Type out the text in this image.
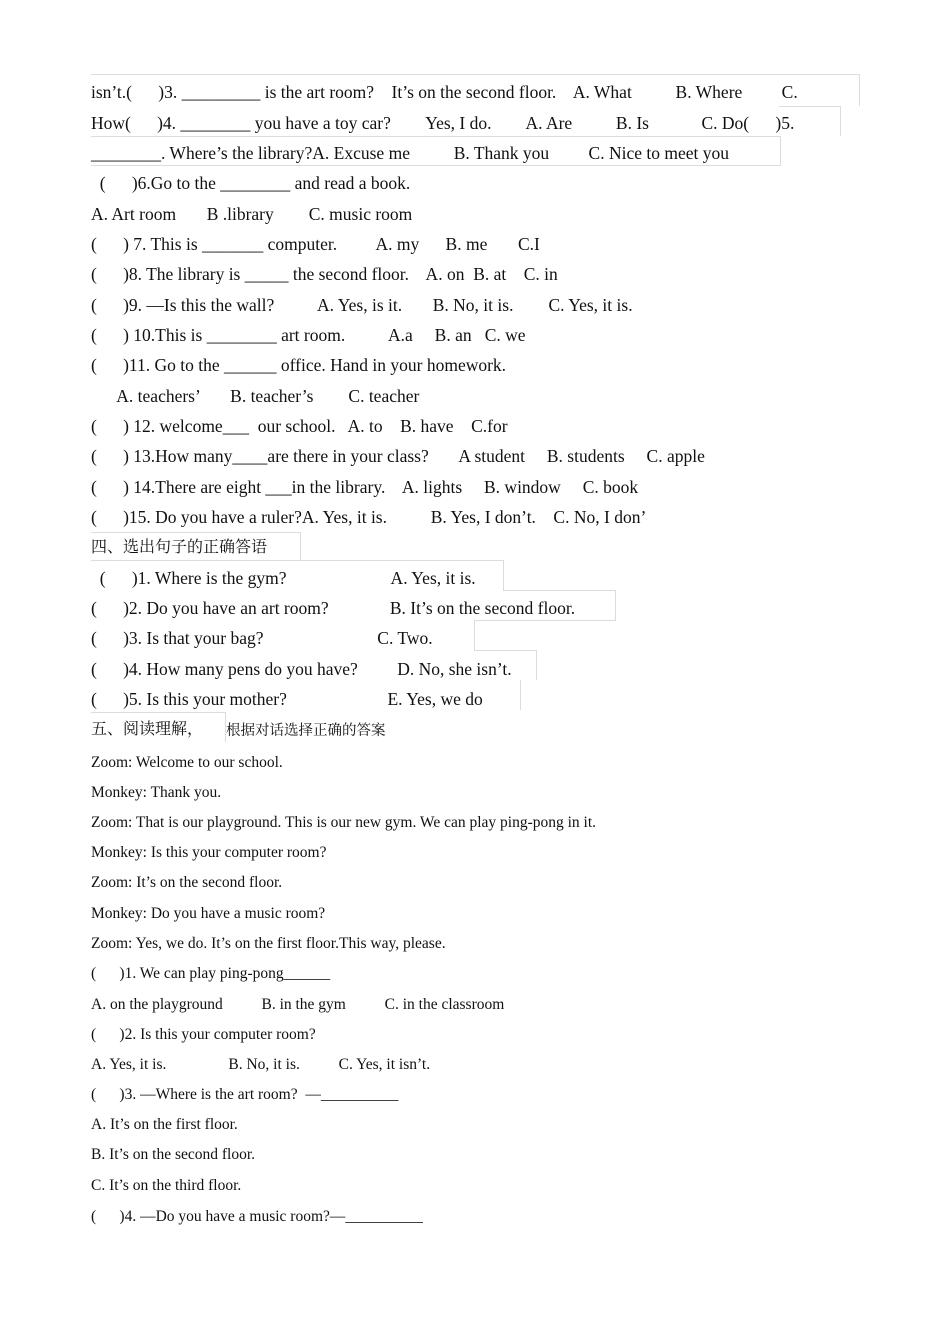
isn’t.(      )3. _________ is the art room?    It’s on the second floor.    A. What          B. Where         C.
How(      )4. ________ you have a toy car?        Yes, I do.        A. Are          B. Is            C. Do(      )5.
________. Where’s the library?A. Excuse me          B. Thank you         C. Nice to meet you
(      )6.Go to the ________ and read a book.
A. Art room       B .library        C. music room
(      ) 7. This is _______ computer.         A. my      B. me       C.I
(      )8. The library is _____ the second floor.    A. on  B. at    C. in
(      )9. —Is this the wall?          A. Yes, is it.       B. No, it is.        C. Yes, it is.
(      ) 10.This is ________ art room.          A.a     B. an   C. we
(      )11. Go to the ______ office. Hand in your homework.
A. teachers’       B. teacher’s        C. teacher
(      ) 12. welcome___  our school.   A. to    B. have    C.for
(      ) 13.How many____are there in your class?       A student     B. students     C. apple
(      ) 14.There are eight ___in the library.    A. lights     B. window     C. book
(      )15. Do you have a ruler?A. Yes, it is.          B. Yes, I don’t.    C. No, I don’
四、选出句子的正确答语
(      )1. Where is the gym?                        A. Yes, it is.
(      )2. Do you have an art room?              B. It’s on the second floor.
(      )3. Is that your bag?                          C. Two.
(      )4. How many pens do you have?         D. No, she isn’t.
(      )5. Is this your mother?                       E. Yes, we do
五、阅读理解， 根据对话选择正确的答案
Zoom: Welcome to our school.
Monkey: Thank you.
Zoom: That is our playground. This is our new gym. We can play ping-pong in it.
Monkey: Is this your computer room?
Zoom: It’s on the second floor.
Monkey: Do you have a music room?
Zoom: Yes, we do. It’s on the first floor.This way, please.
(      )1. We can play ping-pong______
A. on the playground          B. in the gym          C. in the classroom
(      )2. Is this your computer room?
A. Yes, it is.                B. No, it is.          C. Yes, it isn’t.
(      )3. —Where is the art room?  —__________
A. It’s on the first floor.
B. It’s on the second floor.
C. It’s on the third floor.
(      )4. —Do you have a music room?—__________
